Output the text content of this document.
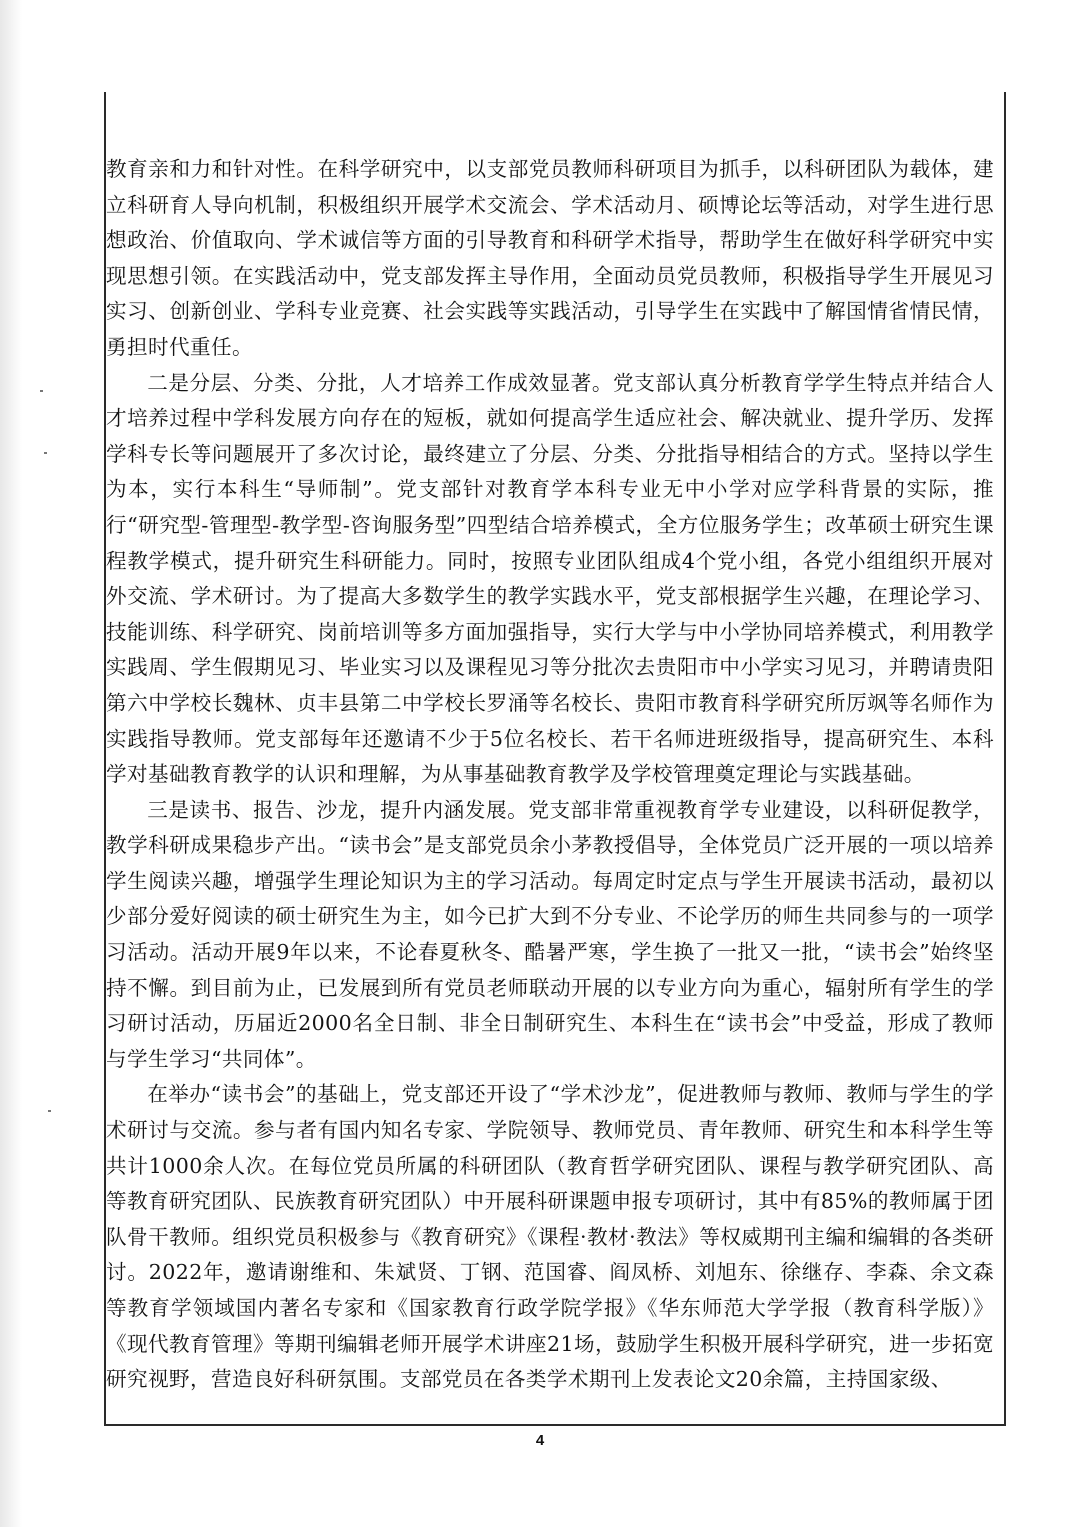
教育亲和力和针对性。在科学研究中，以支部党员教师科研项目为抓手，以科研团队为载体，建立科研育人导向机制，积极组织开展学术交流会、学术活动月、硕博论坛等活动，对学生进行思想政治、价值取向、学术诚信等方面的引导教育和科研学术指导，帮助学生在做好科学研究中实现思想引领。在实践活动中，党支部发挥主导作用，全面动员党员教师，积极指导学生开展见习实习、创新创业、学科专业竞赛、社会实践等实践活动，引导学生在实践中了解国情省情民情，勇担时代重任。

二是分层、分类、分批，人才培养工作成效显著。党支部认真分析教育学学生特点并结合人才培养过程中学科发展方向存在的短板，就如何提高学生适应社会、解决就业、提升学历、发挥学科专长等问题展开了多次讨论，最终建立了分层、分类、分批指导相结合的方式。坚持以学生为本，实行本科生“导师制”。党支部针对教育学本科专业无中小学对应学科背景的实际，推行“研究型-管理型-教学型-咨询服务型”四型结合培养模式，全方位服务学生；改革硕士研究生课程教学模式，提升研究生科研能力。同时，按照专业团队组成4个党小组，各党小组组织开展对外交流、学术研讨。为了提高大多数学生的教学实践水平，党支部根据学生兴趣，在理论学习、技能训练、科学研究、岗前培训等多方面加强指导，实行大学与中小学协同培养模式，利用教学实践周、学生假期见习、毕业实习以及课程见习等分批次去贵阳市中小学实习见习，并聘请贵阳第六中学校长魏林、贞丰县第二中学校长罗涌等名校长、贵阳市教育科学研究所厉飒等名师作为实践指导教师。党支部每年还邀请不少于5位名校长、若干名师进班级指导，提高研究生、本科学对基础教育教学的认识和理解，为从事基础教育教学及学校管理奠定理论与实践基础。

三是读书、报告、沙龙，提升内涵发展。党支部非常重视教育学专业建设，以科研促教学，教学科研成果稳步产出。“读书会”是支部党员余小茅教授倡导，全体党员广泛开展的一项以培养学生阅读兴趣，增强学生理论知识为主的学习活动。每周定时定点与学生开展读书活动，最初以少部分爱好阅读的硕士研究生为主，如今已扩大到不分专业、不论学历的师生共同参与的一项学习活动。活动开展9年以来，不论春夏秋冬、酷暑严寒，学生换了一批又一批，“读书会”始终坚持不懈。到目前为止，已发展到所有党员老师联动开展的以专业方向为重心，辐射所有学生的学习研讨活动，历届近2000名全日制、非全日制研究生、本科生在“读书会”中受益，形成了教师与学生学习“共同体”。

在举办“读书会”的基础上，党支部还开设了“学术沙龙”，促进教师与教师、教师与学生的学术研讨与交流。参与者有国内知名专家、学院领导、教师党员、青年教师、研究生和本科学生等共计1000余人次。在每位党员所属的科研团队（教育哲学研究团队、课程与教学研究团队、高等教育研究团队、民族教育研究团队）中开展科研课题申报专项研讨，其中有85%的教师属于团队骨干教师。组织党员积极参与《教育研究》《课程·教材·教法》等权威期刊主编和编辑的各类研讨。2022年，邀请谢维和、朱斌贤、丁钢、范国睿、阎凤桥、刘旭东、徐继存、李森、余文森等教育学领域国内著名专家和《国家教育行政学院学报》《华东师范大学学报（教育科学版）》《现代教育管理》等期刊编辑老师开展学术讲座21场，鼓励学生积极开展科学研究，进一步拓宽研究视野，营造良好科研氛围。支部党员在各类学术期刊上发表论文20余篇，主持国家级、

4
